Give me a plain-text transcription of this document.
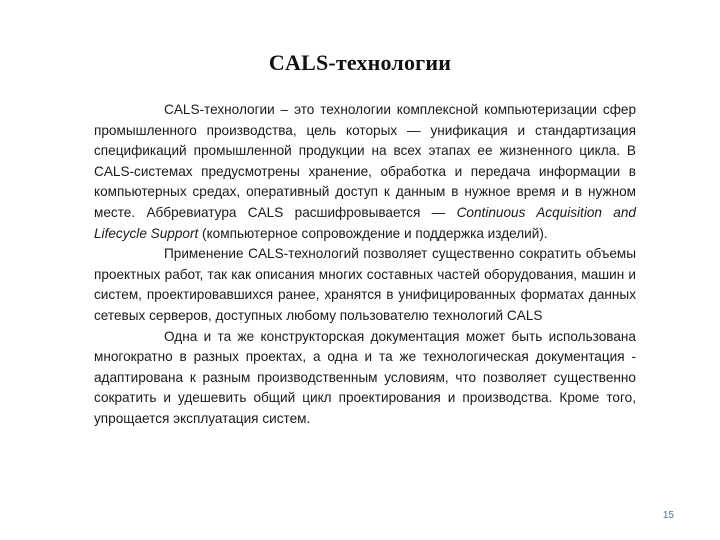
CALS-технологии

CALS-технологии – это технологии комплексной компьютеризации сфер промышленного производства, цель которых — унификация и стандартизация спецификаций промышленной продукции на всех этапах ее жизненного цикла. В CALS-системах предусмотрены хранение, обработка и передача информации в компьютерных средах, оперативный доступ к данным в нужное время и в нужном месте. Аббревиатура CALS расшифровывается — Continuous Acquisition and Lifecycle Support (компьютерное сопровождение и поддержка изделий).

Применение CALS-технологий позволяет существенно сократить объемы проектных работ, так как описания многих составных частей оборудования, машин и систем, проектировавшихся ранее, хранятся в унифицированных форматах данных сетевых серверов, доступных любому пользователю технологий CALS

Одна и та же конструкторская документация может быть использована многократно в разных проектах, а одна и та же технологическая документация - адаптирована к разным производственным условиям, что позволяет существенно сократить и удешевить общий цикл проектирования и производства. Кроме того, упрощается эксплуатация систем.

15
